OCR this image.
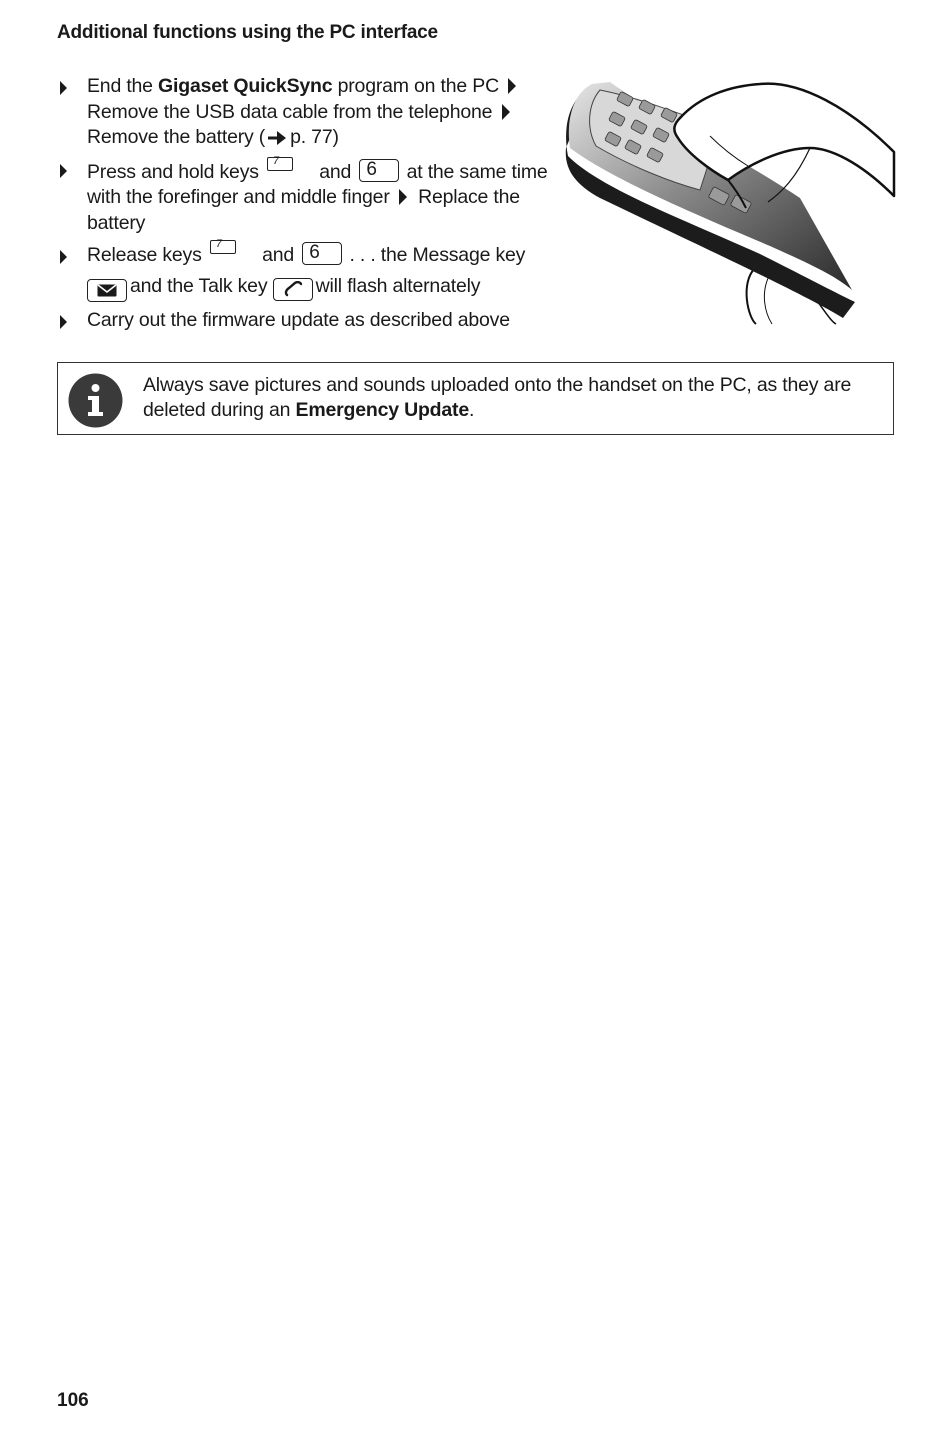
Additional functions using the PC interface
End the Gigaset QuickSync program on the PC
Remove the USB data cable from the telephone
Remove the battery ( p. 77)
Press and hold keys 7 and 6 at the same time with the forefinger and middle finger Replace the battery
Release keys 7 and 6 . . . the Message key

and the Talk key will flash alternately
Carry out the firmware update as described above
Always save pictures and sounds uploaded onto the handset on the PC, as they are deleted during an Emergency Update.
106
